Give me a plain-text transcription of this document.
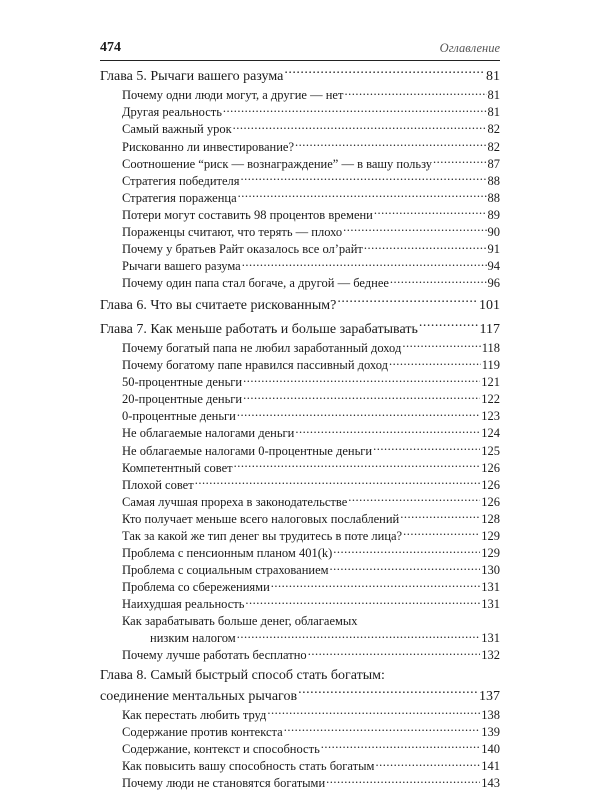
474	Оглавление
Глава 5. Рычаги вашего разума .....	81
Почему одни люди могут, а другие — нет .....	81
Другая реальность .....	81
Самый важный урок .....	82
Рискованно ли инвестирование? .....	82
Соотношение “риск — вознаграждение” — в вашу пользу .....	87
Стратегия победителя .....	88
Стратегия пораженца .....	88
Потери могут составить 98 процентов времени .....	89
Пораженцы считают, что терять — плохо .....	90
Почему у братьев Райт оказалось все ол’райт .....	91
Рычаги вашего разума .....	94
Почему один папа стал богаче, а другой — беднее .....	96
Глава 6. Что вы считаете рискованным? .....	101
Глава 7. Как меньше работать и больше зарабатывать .....	117
Почему богатый папа не любил заработанный доход .....	118
Почему богатому папе нравился пассивный доход .....	119
50-процентные деньги .....	121
20-процентные деньги .....	122
0-процентные деньги .....	123
Не облагаемые налогами деньги .....	124
Не облагаемые налогами 0-процентные деньги .....	125
Компетентный совет .....	126
Плохой совет .....	126
Самая лучшая прореха в законодательстве .....	126
Кто получает меньше всего налоговых послаблений .....	128
Так за какой же тип денег вы трудитесь в поте лица? .....	129
Проблема с пенсионным планом 401(k) .....	129
Проблема с социальным страхованием .....	130
Проблема со сбережениями .....	131
Наихудшая реальность .....	131
Как зарабатывать больше денег, облагаемых
низким налогом .....	131
Почему лучше работать бесплатно .....	132
Глава 8. Самый быстрый способ стать богатым:
соединение ментальных рычагов .....	137
Как перестать любить труд .....	138
Содержание против контекста .....	139
Содержание, контекст и способность .....	140
Как повысить вашу способность стать богатым .....	141
Почему люди не становятся богатыми .....	143
